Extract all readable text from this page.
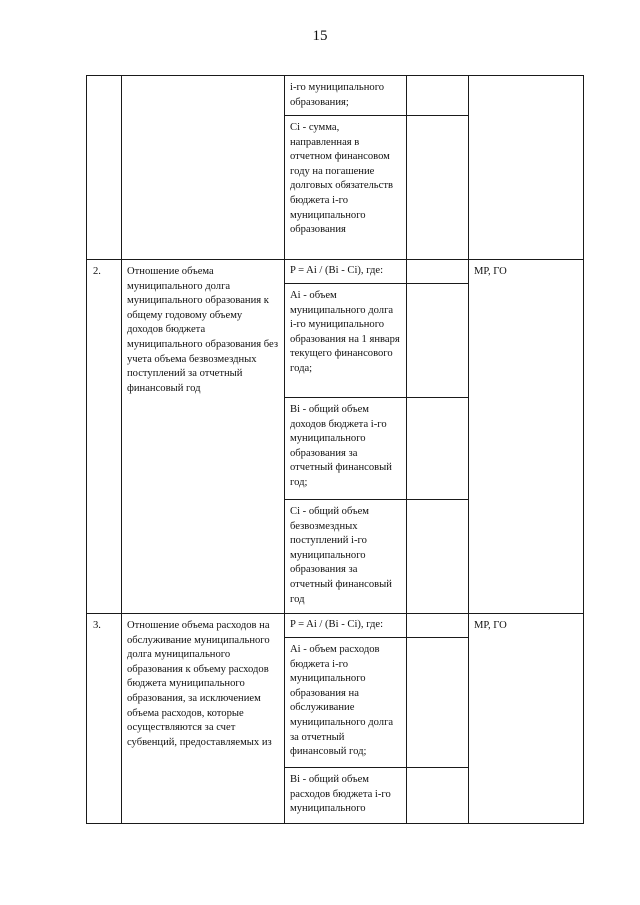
15
		i-го муниципального образования;		
		Ci - сумма, направленная в отчетном финансовом году на погашение долговых обязательств бюджета i-го муниципального образования		
2.	Отношение объема муниципального долга муниципального образования к общему годовому объему доходов бюджета муниципального образования без учета объема безвозмездных поступлений за отчетный финансовый год	P = Ai / (Bi - Ci), где:		МР, ГО
		Ai - объем муниципального долга i-го муниципального образования на 1 января текущего финансового года;		
		Bi - общий объем доходов бюджета i-го муниципального образования за отчетный финансовый год;		
		Ci - общий объем безвозмездных поступлений i-го муниципального образования за отчетный финансовый год		
3.	Отношение объема расходов на обслуживание муниципального долга муниципального образования к объему расходов бюджета муниципального образования, за исключением объема расходов, которые осуществляются за счет субвенций, предоставляемых из	P = Ai / (Bi - Ci), где:		МР, ГО
		Ai - объем расходов бюджета i-го муниципального образования на обслуживание муниципального долга за отчетный финансовый год;		
		Bi - общий объем расходов бюджета i-го муниципального		
